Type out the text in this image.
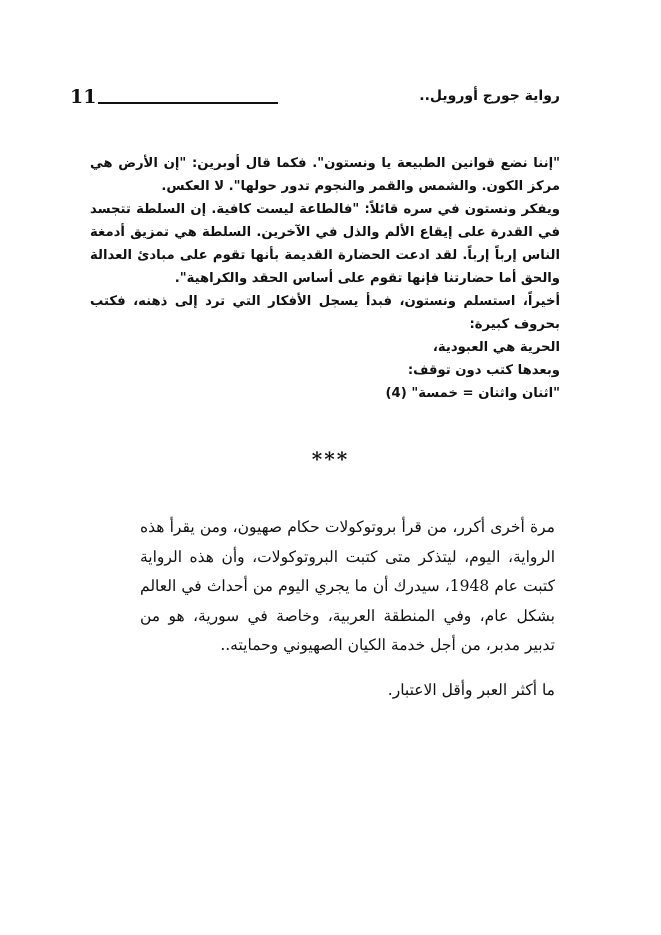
11	رواية جورج أورويل..

"إننا نضع قوانين الطبيعة يا ونستون". فكما قال أوبرين: "إن الأرض هي مركز الكون. والشمس والقمر والنجوم تدور حولها". لا العكس.

ويفكر ونستون في سره قائلاً: "فالطاعة ليست كافية. إن السلطة تتجسد في القدرة على إيقاع الألم والذل في الآخرين. السلطة هي تمزيق أدمغة الناس إرباً إرباً. لقد ادعت الحضارة القديمة بأنها تقوم على مبادئ العدالة والحق أما حضارتنا فإنها تقوم على أساس الحقد والكراهية".

أخيراً، استسلم ونستون، فبدأ يسجل الأفكار التي ترد إلى ذهنه، فكتب بحروف كبيرة:

الحرية هي العبودية،

وبعدها كتب دون توقف:

"اثنان واثنان = خمسة" (4)

***

مرة أخرى أكرر، من قرأ بروتوكولات حكام صهيون، ومن يقرأ هذه الرواية، اليوم، ليتذكر متى كتبت البروتوكولات، وأن هذه الرواية كتبت عام 1948، سيدرك أن ما يجري اليوم من أحداث في العالم بشكل عام، وفي المنطقة العربية، وخاصة في سورية، هو من تدبير مدبر، من أجل خدمة الكيان الصهيوني وحمايته..

ما أكثر العبر وأقل الاعتبار.
